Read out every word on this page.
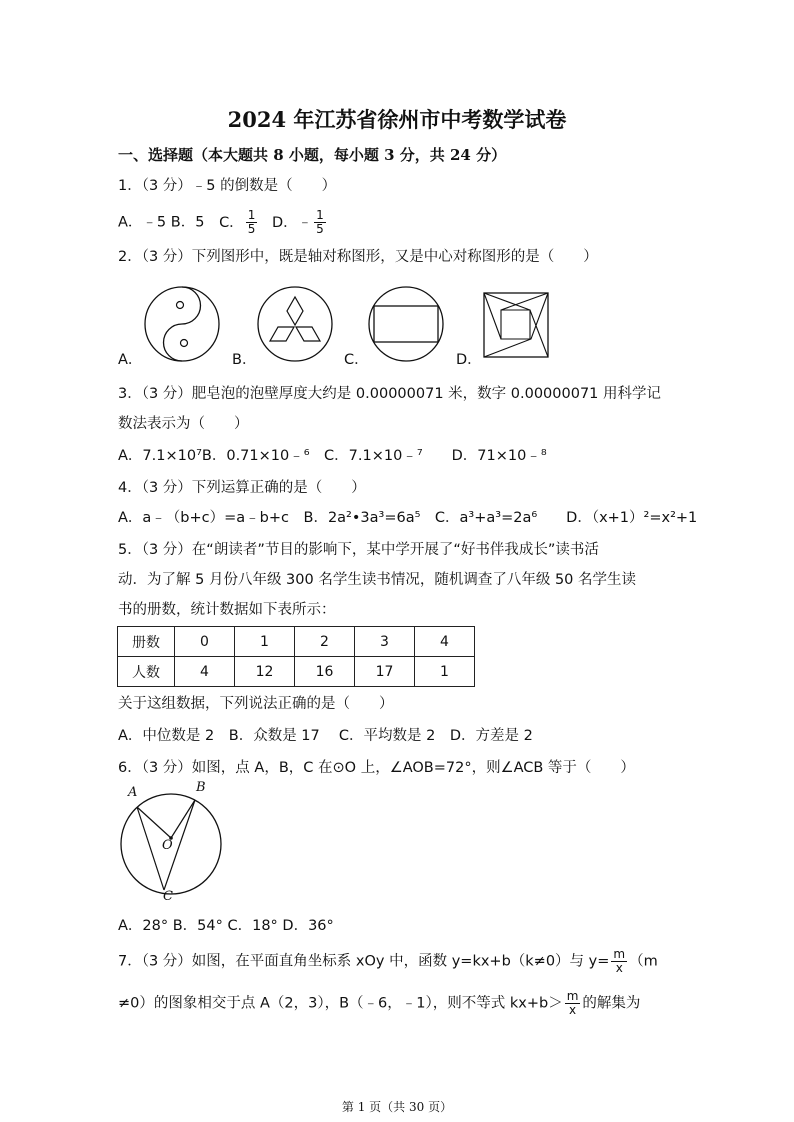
2024 年江苏省徐州市中考数学试卷
一、选择题（本大题共 8 小题，每小题 3 分，共 24 分）
1．（3 分）﹣5 的倒数是（　　）
A．﹣5 B．5 C． $\frac{1}{5}$ D．﹣ $\frac{1}{5}$
2．（3 分）下列图形中，既是轴对称图形，又是中心对称图形的是（　　）
A．	B．	C．	D．
3．（3 分）肥皂泡的泡壁厚度大约是 0.00000071 米，数字 0.00000071 用科学记
数法表示为（　　）
A．7.1×10⁷B．0.71×10﹣⁶　C．7.1×10﹣⁷　　D．71×10﹣⁸
4．（3 分）下列运算正确的是（　　）
A．a﹣（b+c）=a﹣b+c　B．2a²•3a³=6a⁵　C．a³+a³=2a⁶　　D．（x+1）²=x²+1
5．（3 分）在“朗读者”节目的影响下，某中学开展了“好书伴我成长”读书活
动．为了解 5 月份八年级 300 名学生读书情况，随机调查了八年级 50 名学生读
书的册数，统计数据如下表所示：
册数	0	1	2	3	4
人数	4	12	16	17	1
关于这组数据，下列说法正确的是（　　）
A．中位数是 2　B．众数是 17　 C．平均数是 2　D．方差是 2
6．（3 分）如图，点 A，B，C 在⊙O 上，∠AOB=72°，则∠ACB 等于（　　）
A	B
O
C
A．28° B．54° C．18° D．36°
7．（3 分）如图，在平面直角坐标系 xOy 中，函数 y=kx+b（k≠0）与 $y= \frac{m}{x} (m$
≠0）的图象相交于点 A（2，3），B（﹣6，﹣1），则不等式 $kx+b> \frac{m}{x}$ 的解集为
第 1 页（共 30 页）
